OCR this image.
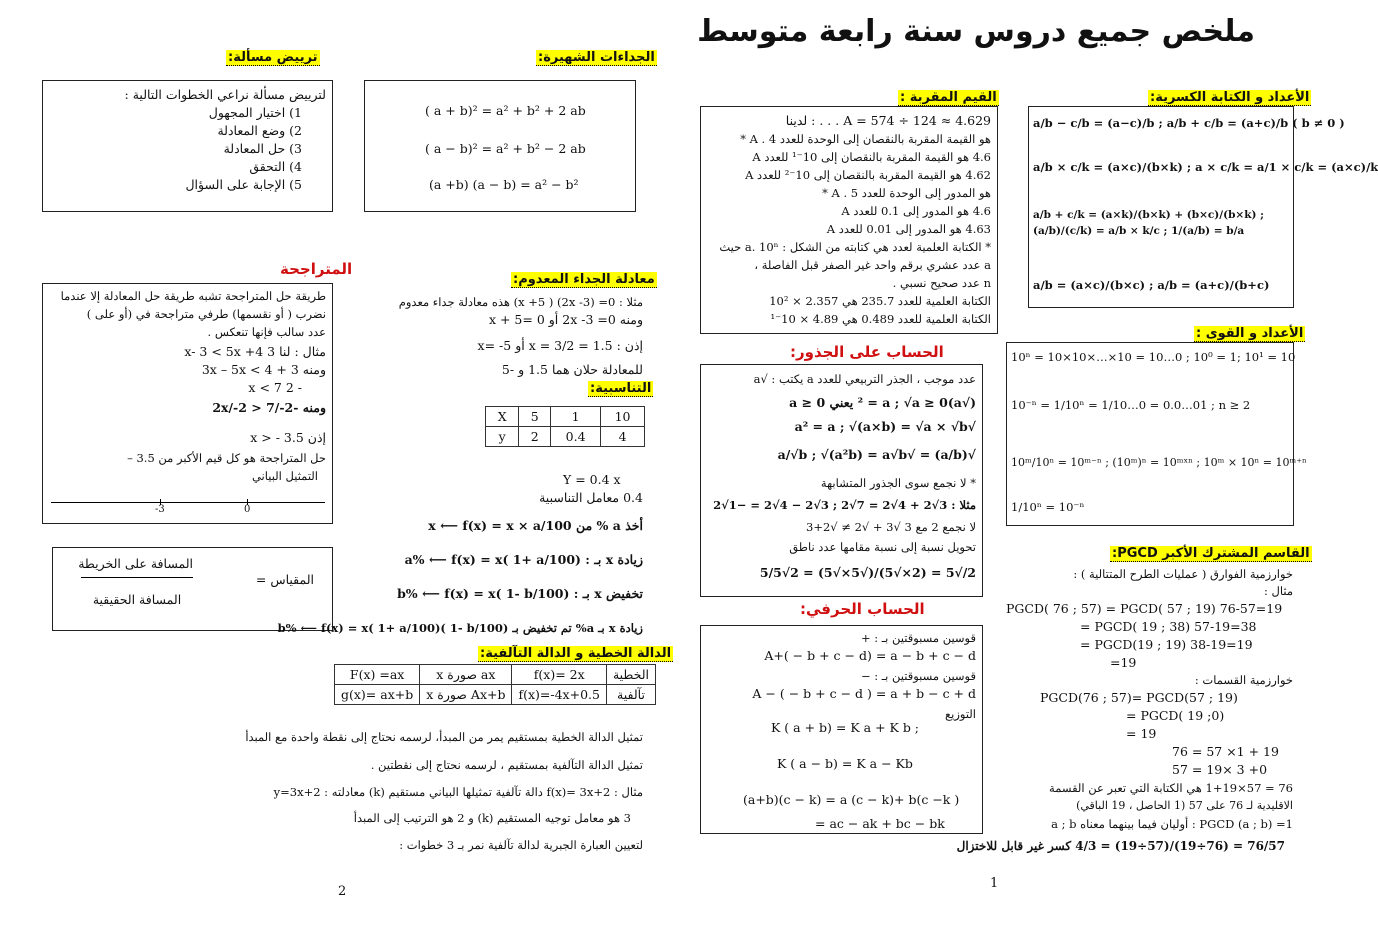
ملخص جميع دروس سنة رابعة متوسط
الأعداد و الكتابة الكسرية:
a/b − c/b = (a−c)/b ; a/b + c/b = (a+c)/b ( b ≠ 0 )
a/b × c/k = (a×c)/(b×k) ; a × c/k = a/1 × c/k = (a×c)/k
a/b + c/k = (a×k)/(b×k) + (b×c)/(b×k) ; (a/b)/(c/k) = a/b × k/c ; 1/(a/b) = b/a
a/b = (a×c)/(b×c) ; a/b = (a+c)/(b+c)
القيم المقربة :
A = 574 ÷ 124 ≈ 4.629 . . . : لدينا
هو القيمة المقربة بالنقصان إلى الوحدة للعدد A . 4 *
4.6 هو القيمة المقربة بالنقصان إلى 10⁻¹ للعدد A
4.62 هو القيمة المقربة بالنقصان إلى 10⁻² للعدد A
هو المدور إلى الوحدة للعدد A . 5 *
4.6 هو المدور إلى 0.1 للعدد A
4.63 هو المدور إلى 0.01 للعدد A
* الكتابة العلمية لعدد هي كتابته من الشكل : a. 10ⁿ حيث
a عدد عشري برقم واحد غير الصفر قبل الفاصلة ،
n عدد صحيح نسبي .
الكتابة العلمية للعدد 235.7 هي 2.357 × 10²
الكتابة العلمية للعدد 0.489 هي 4.89 × 10⁻¹
الأعداد و القوى :
10ⁿ = 10×10×…×10 = 10…0 ; 10⁰ = 1; 10¹ = 10
10⁻ⁿ = 1/10ⁿ = 1/10…0 = 0.0…01 ; n ≥ 2
10ᵐ/10ⁿ = 10ᵐ⁻ⁿ ; (10ᵐ)ⁿ = 10ᵐˣⁿ ; 10ᵐ × 10ⁿ = 10ᵐ⁺ⁿ
1/10ⁿ = 10⁻ⁿ
الحساب على الجذور:
عدد موجب ، الجذر التربيعي للعدد a يكتب : √a
(√a)² = a ; √a ≥ 0 يعني a ≥ 0
√a² = a ; √(a×b) = √a × √b
√(a/b) = √a/√b ; √(a²b) = a√b
* لا نجمع سوى الجذور المتشابهة
مثلا : 3√2 + 4√2 = 7√2 ; 3√2 − 4√2 = −1√2
لا نجمع 2 مع 3 √3 + √2 ≠ √2+3
تحويل نسبة إلى نسبة مقامها عدد ناطق
2/√5 = (2×√5)/(√5×√5) = 2√5/5
الحساب الحرفي:
قوسين مسبوقتين بـ : +
A+( − b + c − d) = a − b + c − d
قوسين مسبوقتين بـ : −
A − ( − b + c − d ) = a + b − c + d
التوزيع
K ( a + b) = K a + K b ;
K ( a − b) = K a − Kb
(a+b)(c − k) = a (c − k)+ b(c −k )
= ac − ak + bc − bk
القاسم المشترك الأكبر PGCD:
خوارزمية الفوارق ( عمليات الطرح المتتالية ) :
مثال :
PGCD( 76 ; 57) = PGCD( 57 ; 19) 76-57=19
= PGCD( 19 ; 38) 57-19=38
= PGCD(19 ; 19) 38-19=19
=19
خوارزمية القسمات :
PGCD(76 ; 57)= PGCD(57 ; 19)
= PGCD( 19 ;0)
= 19
76 = 57 ×1 + 19
57 = 19× 3 +0
76 = 57×1+19 هي الكتابة التي تعبر عن القسمة
الاقليدية لـ 76 على 57 (1 الحاصل ، 19 الباقي)
PGCD (a ; b) =1 : أوليان فيما بينهما معناه a ; b
76/57 = (76÷19)/(57÷19) = 4/3 كسر غير قابل للاختزال
1
ترييض مسألة:
لترييض مسألة نراعي الخطوات التالية :
1) اختيار المجهول
2) وضع المعادلة
3) حل المعادلة
4) التحقق
5) الإجابة على السؤال
الجداءات الشهيرة:
( a + b)² = a² + b² + 2 ab
( a − b)² = a² + b² − 2 ab
(a +b) (a − b) = a² − b²
المتراجحة
طريقة حل المتراجحة تشبه طريقة حل المعادلة إلا عندما
نضرب ( أو نقسمها) طرفي متراجحة في (أو على )
عدد سالب فإنها تنعكس .
مثال : لنا 3 x- 3 < 5x +4
ومنه 3x – 5x < 4 + 3
- 2 x < 7
ومنه -2x/-2 > 7/-2
إذن x > - 3.5
حل المتراجحة هو كل قيم الأكبر من 3.5 –
التمثيل البياني
-3	0
المقياس =
المسافة على الخريطة
المسافة الحقيقية
معادلة الجداء المعدوم:
مثلا : 0= (2x -3) ( x +5) هذه معادلة جداء معدوم
ومنه 0= 2x -3 أو x + 5= 0
إذن : 1.5 = x = 3/2 أو x= -5
للمعادلة حلان هما 1.5 و -5
التناسبية:
X	5	1	10
y	2	0.4	4
Y = 0.4 x
0.4 معامل التناسبية
أخذ a % من x ⟵ f(x) = x × a/100
زيادة x بـ : a% ⟵ f(x) = x( 1+ a/100)
تخفيض x بـ : b% ⟵ f(x) = x( 1- b/100)
زيادة x بـ a% تم تخفيض بـ b% ⟵ f(x) = x( 1+ a/100)( 1- b/100)
الدالة الخطية و الدالة التآلفية:
F(x) =ax	x صورة ax	f(x)= 2x	الخطية
g(x)= ax+b	x صورة Ax+b	f(x)=-4x+0.5	تآلفية
تمثيل الدالة الخطية بمستقيم يمر من المبدأ، لرسمه نحتاج إلى نقطة واحدة مع المبدأ
تمثيل الدالة التآلفية بمستقيم ، لرسمه نحتاج إلى نقطتين .
مثال : f(x)= 3x+2 دالة تآلفية تمثيلها البياني مستقيم (k) معادلته : y=3x+2
3 هو معامل توجيه المستقيم (k) و 2 هو الترتيب إلى المبدأ
لتعيين العبارة الجبرية لدالة تآلفية نمر بـ 3 خطوات :
2
